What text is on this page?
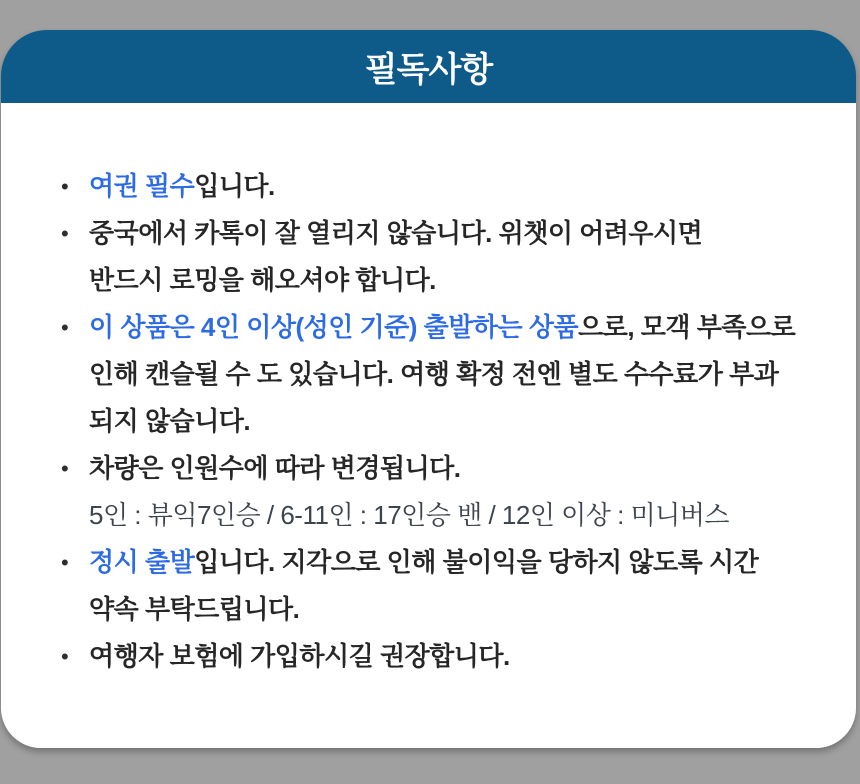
필독사항
• 여권 필수입니다.
• 중국에서 카톡이 잘 열리지 않습니다. 위챗이 어려우시면
반드시 로밍을 해오셔야 합니다.
• 이 상품은 4인 이상(성인 기준) 출발하는 상품으로, 모객 부족으로
인해 캔슬될 수 도 있습니다. 여행 확정 전엔 별도 수수료가 부과
되지 않습니다.
• 차량은 인원수에 따라 변경됩니다.
5인 : 뷰익7인승 / 6-11인 : 17인승 밴 / 12인 이상 : 미니버스
• 정시 출발입니다. 지각으로 인해 불이익을 당하지 않도록 시간
약속 부탁드립니다.
• 여행자 보험에 가입하시길 권장합니다.
